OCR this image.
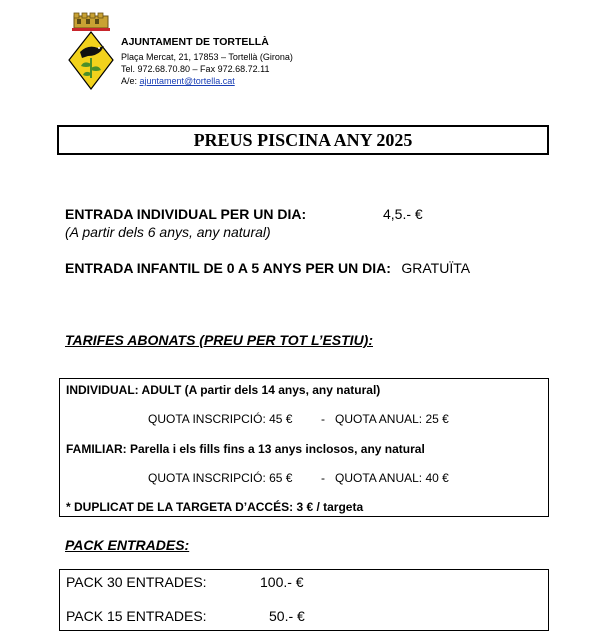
AJUNTAMENT DE TORTELLÀ
Plaça Mercat, 21, 17853 – Tortellà (Girona)
Tel. 972.68.70.80 – Fax 972.68.72.11
A/e: ajuntament@tortella.cat
PREUS PISCINA ANY 2025
ENTRADA INDIVIDUAL PER UN DIA:	4,5.- €
(A partir dels 6 anys, any natural)
ENTRADA INFANTIL DE 0 A 5 ANYS PER UN DIA: GRATUÏTA
TARIFES ABONATS (PREU PER TOT L’ESTIU):
INDIVIDUAL: ADULT (A partir dels 14 anys, any natural)
QUOTA INSCRIPCIÓ: 45 € - QUOTA ANUAL: 25 €
FAMILIAR: Parella i els fills fins a 13 anys inclosos, any natural
QUOTA INSCRIPCIÓ: 65 € - QUOTA ANUAL: 40 €
* DUPLICAT DE LA TARGETA D’ACCÉS: 3 € / targeta
PACK ENTRADES:
PACK 30 ENTRADES:	100.- €
PACK 15 ENTRADES:	50.- €
